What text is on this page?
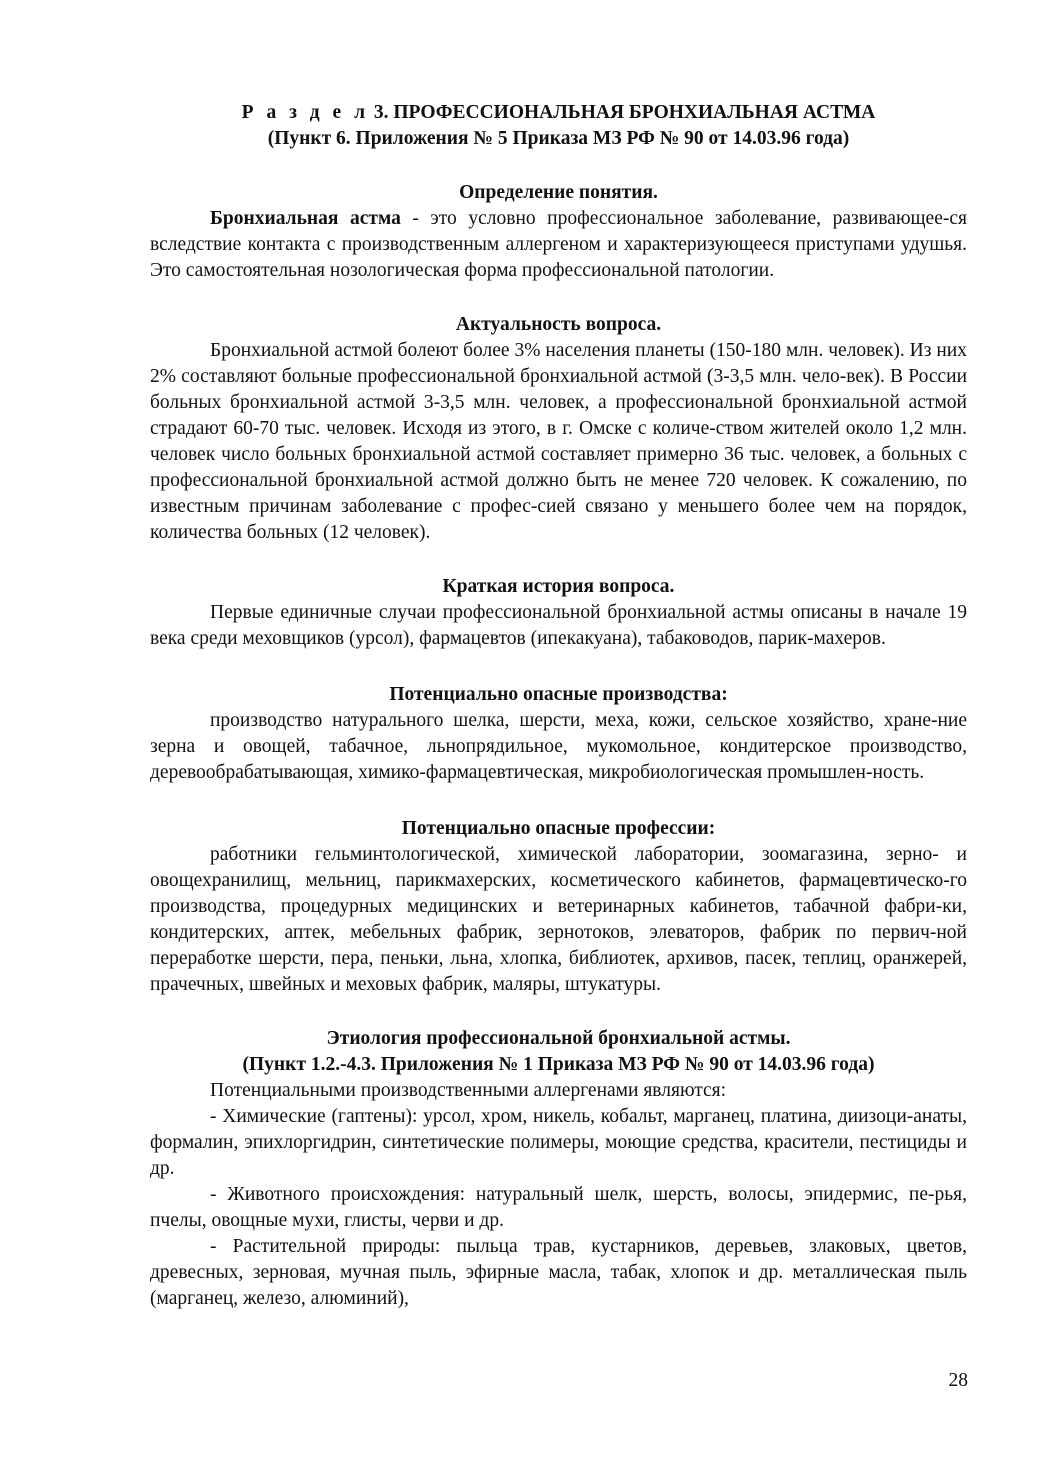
Р а з д е л 3. ПРОФЕССИОНАЛЬНАЯ БРОНХИАЛЬНАЯ АСТМА
(Пункт 6. Приложения № 5 Приказа МЗ РФ № 90 от 14.03.96 года)
Определение понятия.

Бронхиальная астма - это условно профессиональное заболевание, развивающее-ся вследствие контакта с производственным аллергеном и характеризующееся приступами удушья. Это самостоятельная нозологическая форма профессиональной патологии.

Актуальность вопроса.

Бронхиальной астмой болеют более 3% населения планеты (150-180 млн. человек). Из них 2% составляют больные профессиональной бронхиальной астмой (3-3,5 млн. чело-век). В России больных бронхиальной астмой 3-3,5 млн. человек, а профессиональной бронхиальной астмой страдают 60-70 тыс. человек. Исходя из этого, в г. Омске с количе-ством жителей около 1,2 млн. человек число больных бронхиальной астмой составляет примерно 36 тыс. человек, а больных с профессиональной бронхиальной астмой должно быть не менее 720 человек. К сожалению, по известным причинам заболевание с профес-сией связано у меньшего более чем на порядок, количества больных (12 человек).

Краткая история вопроса.

Первые единичные случаи профессиональной бронхиальной астмы описаны в начале 19 века среди меховщиков (урсол), фармацевтов (ипекакуана), табаководов, парик-махеров.

Потенциально опасные производства:

производство натурального шелка, шерсти, меха, кожи, сельское хозяйство, хране-ние зерна и овощей, табачное, льнопрядильное, мукомольное, кондитерское производство, деревообрабатывающая, химико-фармацевтическая, микробиологическая промышлен-ность.

Потенциально опасные профессии:

работники гельминтологической, химической лаборатории, зоомагазина, зерно- и овощехранилищ, мельниц, парикмахерских, косметического кабинетов, фармацевтическо-го производства, процедурных медицинских и ветеринарных кабинетов, табачной фабри-ки, кондитерских, аптек, мебельных фабрик, зернотоков, элеваторов, фабрик по первич-ной переработке шерсти, пера, пеньки, льна, хлопка, библиотек, архивов, пасек, теплиц, оранжерей, прачечных, швейных и меховых фабрик, маляры, штукатуры.

Этиология профессиональной бронхиальной астмы.
(Пункт 1.2.-4.3. Приложения № 1 Приказа МЗ РФ № 90 от 14.03.96 года)

Потенциальными производственными аллергенами являются:

- Химические (гаптены): урсол, хром, никель, кобальт, марганец, платина, диизоци-анаты, формалин, эпихлоргидрин, синтетические полимеры, моющие средства, красители, пестициды и др.

- Животного происхождения: натуральный шелк, шерсть, волосы, эпидермис, пе-рья, пчелы, овощные мухи, глисты, черви и др.

- Растительной природы: пыльца трав, кустарников, деревьев, злаковых, цветов, древесных, зерновая, мучная пыль, эфирные масла, табак, хлопок и др. металлическая пыль (марганец, железо, алюминий),

28
